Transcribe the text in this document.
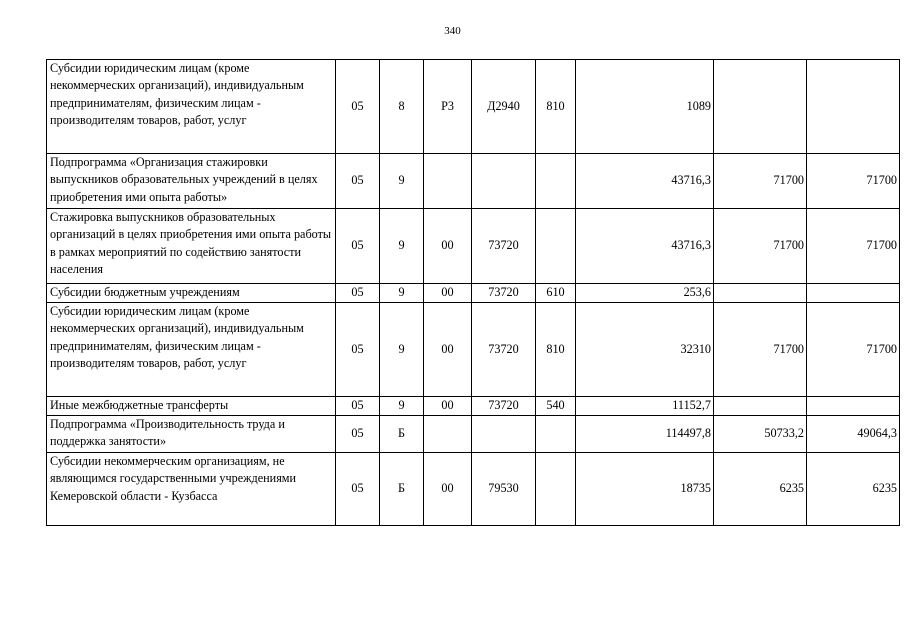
340
Субсидии юридическим лицам (кроме некоммерческих организаций), индивидуальным предпринимателям, физическим лицам - производителям товаров, работ, услуг	05	8	Р3	Д2940	810	1089		
Подпрограмма «Организация стажировки выпускников образовательных учреждений в целях приобретения ими опыта работы»	05	9				43716,3	71700	71700
Стажировка выпускников образовательных организаций в целях приобретения ими опыта работы в рамках мероприятий по содействию занятости населения	05	9	00	73720		43716,3	71700	71700
Субсидии бюджетным учреждениям	05	9	00	73720	610	253,6		
Субсидии юридическим лицам (кроме некоммерческих организаций), индивидуальным предпринимателям, физическим лицам - производителям товаров, работ, услуг	05	9	00	73720	810	32310	71700	71700
Иные межбюджетные трансферты	05	9	00	73720	540	11152,7		
Подпрограмма «Производительность труда и поддержка занятости»	05	Б				114497,8	50733,2	49064,3
Субсидии некоммерческим организациям, не являющимся государственными учреждениями Кемеровской области - Кузбасса	05	Б	00	79530		18735	6235	6235
